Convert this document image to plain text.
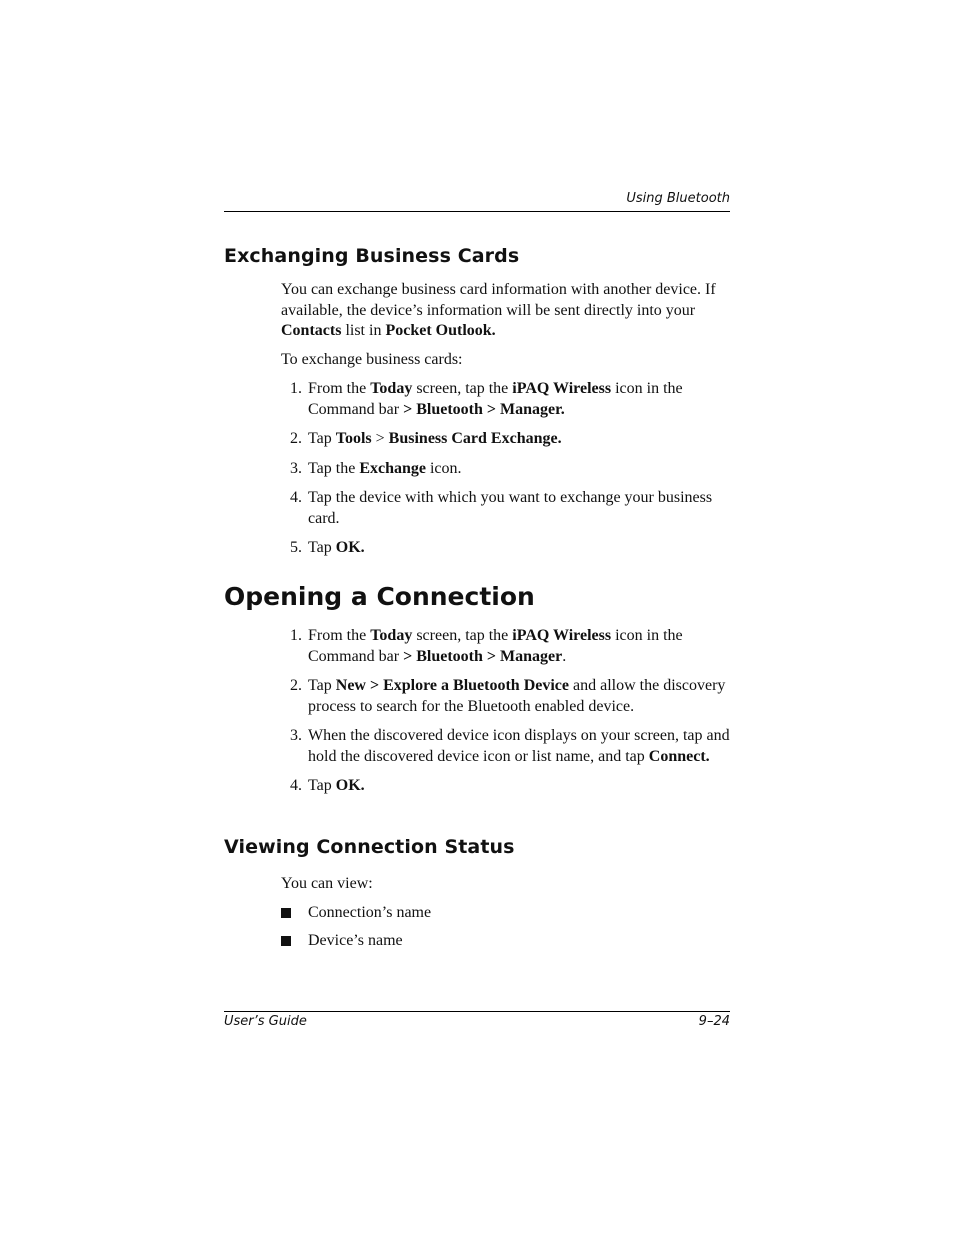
Using Bluetooth
Exchanging Business Cards

You can exchange business card information with another device. If available, the device’s information will be sent directly into your Contacts list in Pocket Outlook.

To exchange business cards:

1. From the Today screen, tap the iPAQ Wireless icon in the Command bar > Bluetooth > Manager.
2. Tap Tools > Business Card Exchange.
3. Tap the Exchange icon.
4. Tap the device with which you want to exchange your business card.
5. Tap OK.
Opening a Connection
1. From the Today screen, tap the iPAQ Wireless icon in the Command bar > Bluetooth > Manager.
2. Tap New > Explore a Bluetooth Device and allow the discovery process to search for the Bluetooth enabled device.
3. When the discovered device icon displays on your screen, tap and hold the discovered device icon or list name, and tap Connect.
4. Tap OK.
Viewing Connection Status

You can view:

Connection’s name
Device’s name
User’s Guide	9–24
